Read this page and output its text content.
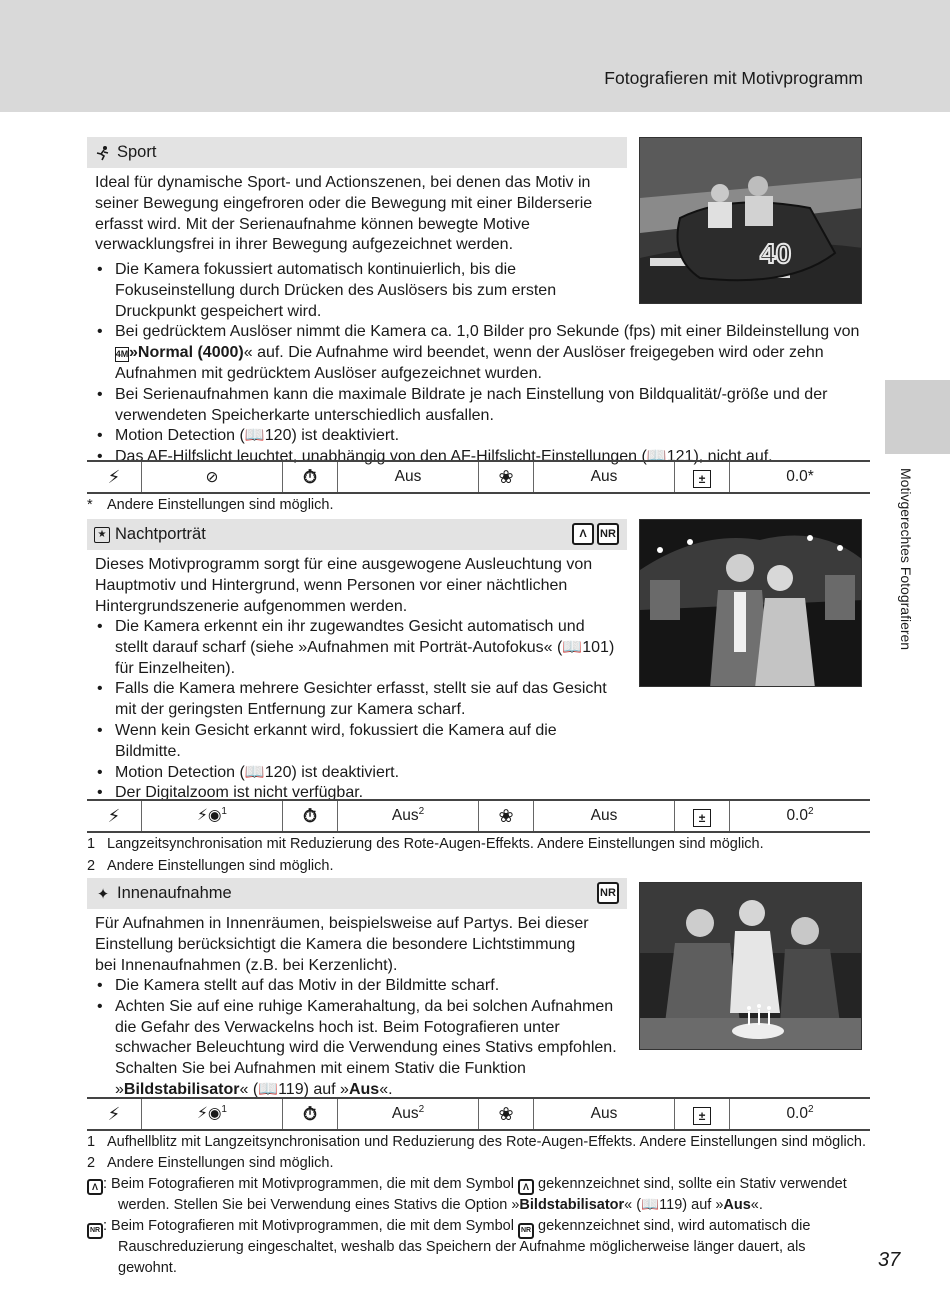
Fotografieren mit Motivprogramm
Motivgerechtes Fotografieren
37
Sport
40
Ideal für dynamische Sport- und Actionszenen, bei denen das Motiv in seiner Bewegung eingefroren oder die Bewegung mit einer Bilderserie erfasst wird. Mit der Serienaufnahme können bewegte Motive verwacklungsfrei in ihrer Bewegung aufgezeichnet werden.
• Die Kamera fokussiert automatisch kontinuierlich, bis die Fokuseinstellung durch Drücken des Auslösers bis zum ersten Druckpunkt gespeichert wird.
• Bei gedrücktem Auslöser nimmt die Kamera ca. 1,0 Bilder pro Sekunde (fps) mit einer Bildeinstellung von 4M»Normal (4000)« auf. Die Aufnahme wird beendet, wenn der Auslöser freigegeben wird oder zehn Aufnahmen mit gedrücktem Auslöser aufgezeichnet wurden.
• Bei Serienaufnahmen kann die maximale Bildrate je nach Einstellung von Bildqualität/-größe und der verwendeten Speicherkarte unterschiedlich ausfallen.
• Motion Detection (📖120) ist deaktiviert.
• Das AF-Hilfslicht leuchtet, unabhängig von den AF-Hilfslicht-Einstellungen (📖121), nicht auf.
⚡	⊘	⏱	Aus	❀	Aus	±	0.0*
* Andere Einstellungen sind möglich.
★ Nachtporträt	Λ	NR
Dieses Motivprogramm sorgt für eine ausgewogene Ausleuchtung von Hauptmotiv und Hintergrund, wenn Personen vor einer nächtlichen Hintergrundszenerie aufgenommen werden.
• Die Kamera erkennt ein ihr zugewandtes Gesicht automatisch und stellt darauf scharf (siehe »Aufnahmen mit Porträt-Autofokus« (📖101) für Einzelheiten).
• Falls die Kamera mehrere Gesichter erfasst, stellt sie auf das Gesicht mit der geringsten Entfernung zur Kamera scharf.
• Wenn kein Gesicht erkannt wird, fokussiert die Kamera auf die Bildmitte.
• Motion Detection (📖120) ist deaktiviert.
• Der Digitalzoom ist nicht verfügbar.
⚡	⚡◉$^1$	⏱	Aus$^2$	❀	Aus	±	$0.0^2$
1 Langzeitsynchronisation mit Reduzierung des Rote-Augen-Effekts. Andere Einstellungen sind möglich.
2 Andere Einstellungen sind möglich.
✦ Innenaufnahme	NR
Für Aufnahmen in Innenräumen, beispielsweise auf Partys. Bei dieser Einstellung berücksichtigt die Kamera die besondere Lichtstimmung bei Innenaufnahmen (z.B. bei Kerzenlicht).
• Die Kamera stellt auf das Motiv in der Bildmitte scharf.
• Achten Sie auf eine ruhige Kamerahaltung, da bei solchen Aufnahmen die Gefahr des Verwackelns hoch ist. Beim Fotografieren unter schwacher Beleuchtung wird die Verwendung eines Stativs empfohlen. Schalten Sie bei Aufnahmen mit einem Stativ die Funktion »Bildstabilisator« (📖119) auf »Aus«.
⚡	⚡◉$^1$	⏱	Aus$^2$	❀	Aus	±	$0.0^2$
1 Aufhellblitz mit Langzeitsynchronisation und Reduzierung des Rote-Augen-Effekts. Andere Einstellungen sind möglich.
2 Andere Einstellungen sind möglich.
Λ : Beim Fotografieren mit Motivprogrammen, die mit dem Symbol Λ gekennzeichnet sind, sollte ein Stativ verwendet
werden. Stellen Sie bei Verwendung eines Stativs die Option »Bildstabilisator« (📖119) auf »Aus«.
NR : Beim Fotografieren mit Motivprogrammen, die mit dem Symbol NR gekennzeichnet sind, wird automatisch die
Rauschreduzierung eingeschaltet, weshalb das Speichern der Aufnahme möglicherweise länger dauert, als gewohnt.
